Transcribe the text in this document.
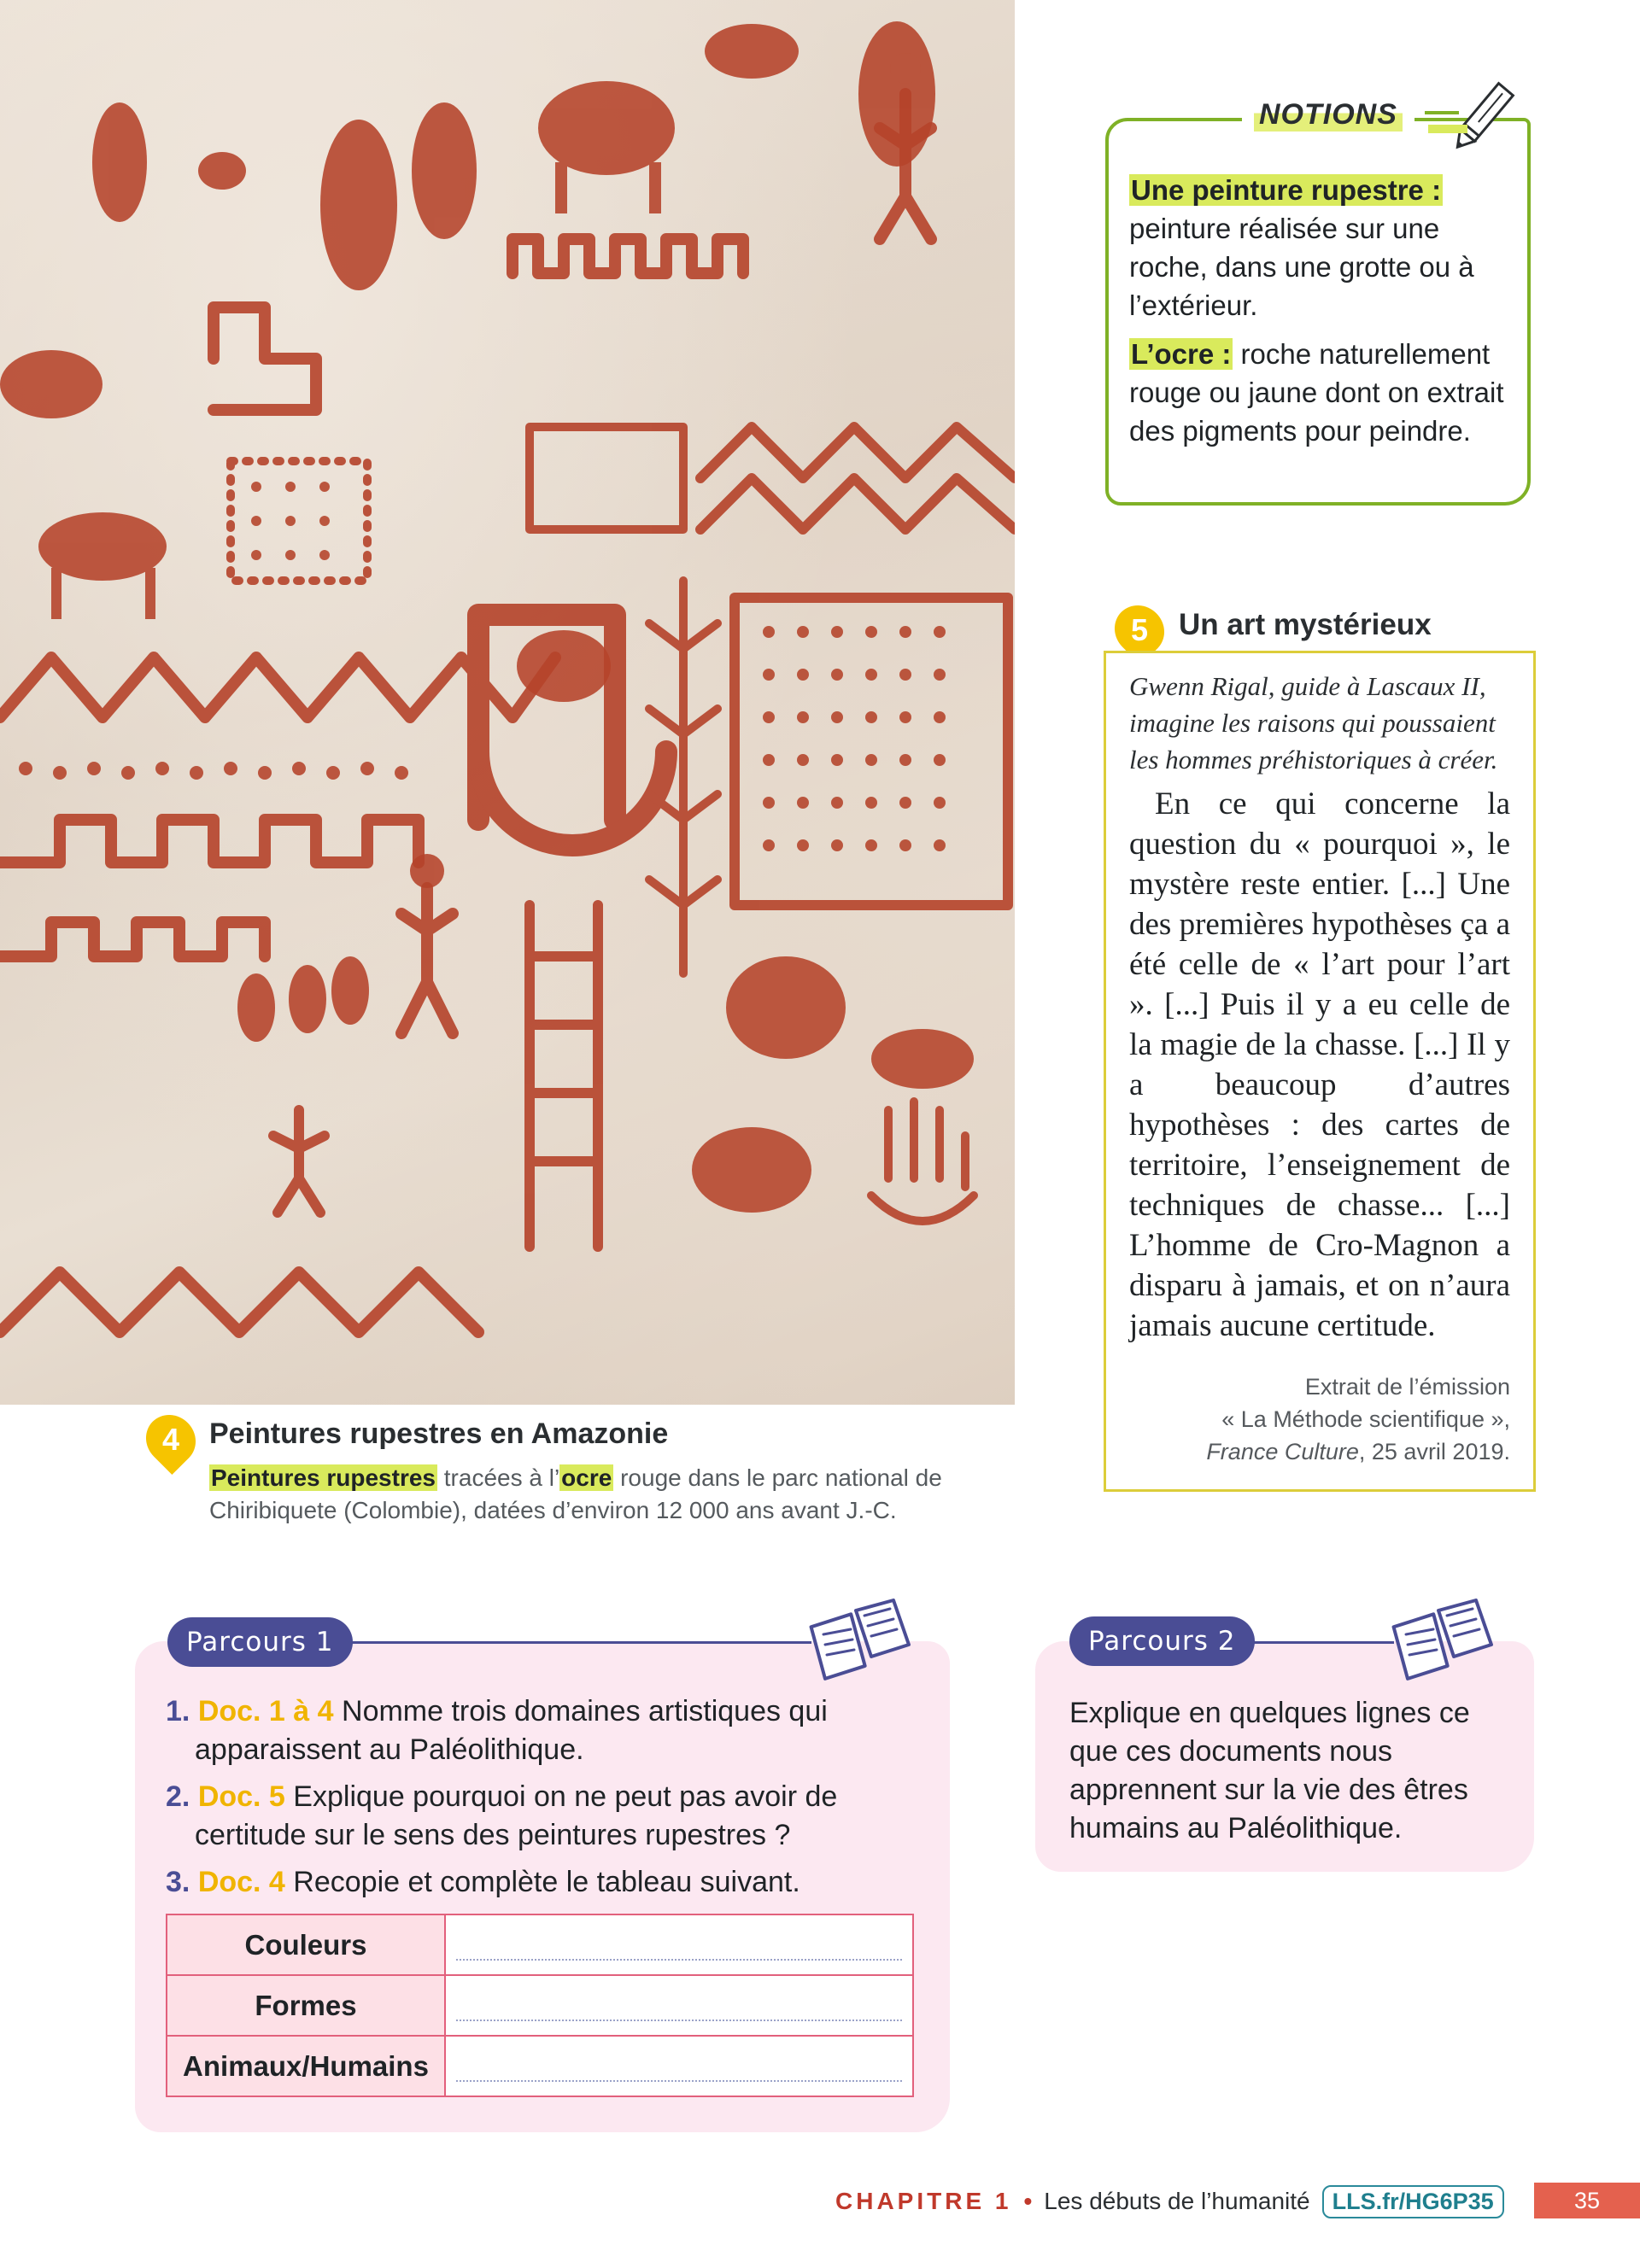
4 Peintures rupestres en Amazonie
Peintures rupestres tracées à l’ocre rouge dans le parc national de Chiribiquete (Colombie), datées d’environ 12 000 ans avant J.-C.
NOTIONS
Une peinture rupestre : peinture réalisée sur une roche, dans une grotte ou à l’extérieur.
L’ocre : roche naturellement rouge ou jaune dont on extrait des pigments pour peindre.
5 Un art mystérieux
Gwenn Rigal, guide à Lascaux II, imagine les raisons qui poussaient les hommes préhistoriques à créer.
En ce qui concerne la question du « pourquoi », le mystère reste entier. [...] Une des premières hypothèses ça a été celle de « l’art pour l’art ». [...] Puis il y a eu celle de la magie de la chasse. [...] Il y a beaucoup d’autres hypothèses : des cartes de territoire, l’enseignement de techniques de chasse... [...] L’homme de Cro-Magnon a disparu à jamais, et on n’aura jamais aucune certitude.
Extrait de l’émission
« La Méthode scientifique »,
France Culture, 25 avril 2019.
Parcours 1
1. Doc. 1 à 4 Nomme trois domaines artistiques qui apparaissent au Paléolithique.
2. Doc. 5 Explique pourquoi on ne peut pas avoir de certitude sur le sens des peintures rupestres ?
3. Doc. 4 Recopie et complète le tableau suivant.
Couleurs	
Formes	
Animaux/Humains	
Parcours 2
Explique en quelques lignes ce que ces documents nous apprennent sur la vie des êtres humains au Paléolithique.
CHAPITRE 1 • Les débuts de l’humanité LLS.fr/HG6P35	35
